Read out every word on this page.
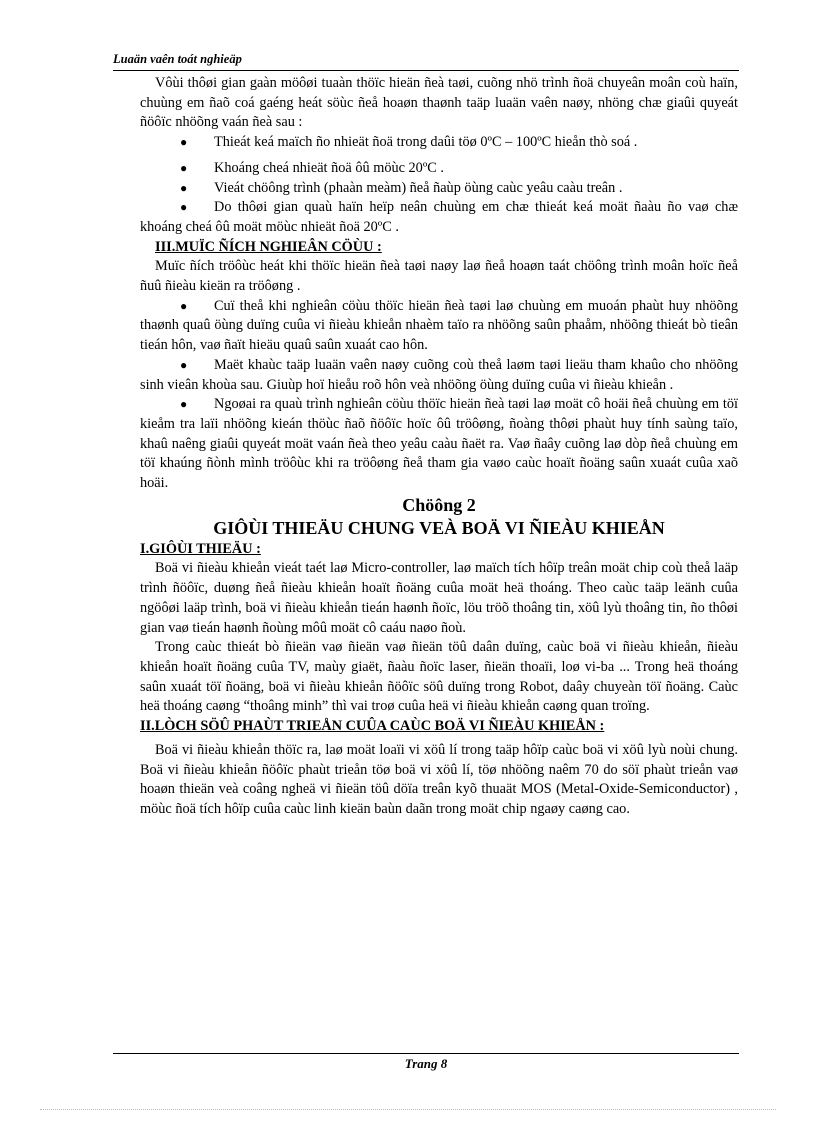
Luaän vaên toát nghieäp

Vôùi thôøi gian gaàn möôøi tuaàn thöïc hieän ñeà taøi, cuõng nhö trình ñoä chuyeân moân coù haïn, chuùng em ñaõ coá gaéng heát söùc ñeå hoaøn thaønh taäp luaän vaên naøy, nhöng chæ giaûi quyeát ñöôïc nhöõng vaán ñeà sau :

●	Thieát keá maïch ño nhieät ñoä trong daûi töø 0ºC – 100ºC hieån thò soá .
●	Khoáng cheá nhieät ñoä ôû möùc 20ºC .
●	Vieát chöông trình (phaàn meàm) ñeå ñaùp öùng caùc yeâu caàu treân .
●	Do thôøi gian quaù haïn heïp neân chuùng em chæ thieát keá moät ñaàu ño vaø chæ khoáng cheá ôû moät möùc nhieät ñoä 20ºC .

III.MUÏC ÑÍCH NGHIEÂN CÖÙU :

Muïc ñích tröôùc heát khi thöïc hieän ñeà taøi naøy laø ñeå hoaøn taát chöông trình moân hoïc ñeå ñuû ñieàu kieän ra tröôøng .

●	Cuï theå khi nghieân cöùu thöïc hieän ñeà taøi laø chuùng em muoán phaùt huy nhöõng thaønh quaû öùng duïng cuûa vi ñieàu khieån nhaèm taïo ra nhöõng saûn phaåm, nhöõng thieát bò tieân tieán hôn, vaø ñaït hieäu quaû saûn xuaát cao hôn.
●	Maët khaùc taäp luaän vaên naøy cuõng coù theå laøm taøi lieäu tham khaûo cho nhöõng sinh vieân khoùa sau. Giuùp hoï hieåu roõ hôn veà nhöõng öùng duïng cuûa vi ñieàu khieån .
●	Ngoøai ra quaù trình nghieân cöùu thöïc hieän ñeà taøi laø moät cô hoäi ñeå chuùng em töï kieåm tra laïi nhöõng kieán thöùc ñaõ ñöôïc hoïc ôû tröôøng, ñoàng thôøi phaùt huy tính saùng taïo, khaû naêng giaûi quyeát moät vaán ñeà theo yeâu caàu ñaët ra. Vaø ñaây cuõng laø dòp ñeå chuùng em töï khaúng ñònh mình tröôùc khi ra tröôøng ñeå tham gia vaøo caùc hoaït ñoäng saûn xuaát cuûa xaõ hoäi.

Chöông 2

GIÔÙI THIEÄU CHUNG VEÀ BOÄ VI ÑIEÀU KHIEÅN

I.GIÔÙI THIEÄU :

Boä vi ñieàu khieån vieát taét laø Micro-controller, laø maïch tích hôïp treân moät chip coù theå laäp trình ñöôïc, duøng ñeå ñieàu khieån hoaït ñoäng cuûa moät heä thoáng. Theo caùc taäp leänh cuûa ngöôøi laäp trình, boä vi ñieàu khieån tieán haønh ñoïc, löu tröõ thoâng tin, xöû lyù thoâng tin, ño thôøi gian vaø tieán haønh ñoùng môû moät cô caáu naøo ñoù.

Trong caùc thieát bò ñieän vaø ñieän vaø ñieän töû daân duïng, caùc boä vi ñieàu khieån, ñieàu khieån hoaït ñoäng cuûa TV, maùy giaët, ñaàu ñoïc laser, ñieän thoaïi, loø vi-ba ... Trong heä thoáng saûn xuaát töï ñoäng, boä vi ñieàu khieån ñöôïc söû duïng trong Robot, daây chuyeàn töï ñoäng. Caùc heä thoáng caøng “thoâng minh” thì vai troø cuûa heä vi ñieàu khieån caøng quan troïng.

II.LÒCH SÖÛ PHAÙT TRIEÅN CUÛA CAÙC BOÄ VI ÑIEÀU KHIEÅN :

Boä vi ñieàu khieån thöïc ra, laø moät loaïi vi xöû lí trong taäp hôïp caùc boä vi xöû lyù noùi chung. Boä vi ñieàu khieån ñöôïc phaùt trieån töø boä vi xöû lí, töø nhöõng naêm 70 do söï phaùt trieån vaø hoaøn thieän veà coâng ngheä vi ñieän töû döïa treân kyõ thuaät MOS (Metal-Oxide-Semiconductor) , möùc ñoä tích hôïp cuûa caùc linh kieän baùn daãn trong moät chip ngaøy caøng cao.

Trang 8
